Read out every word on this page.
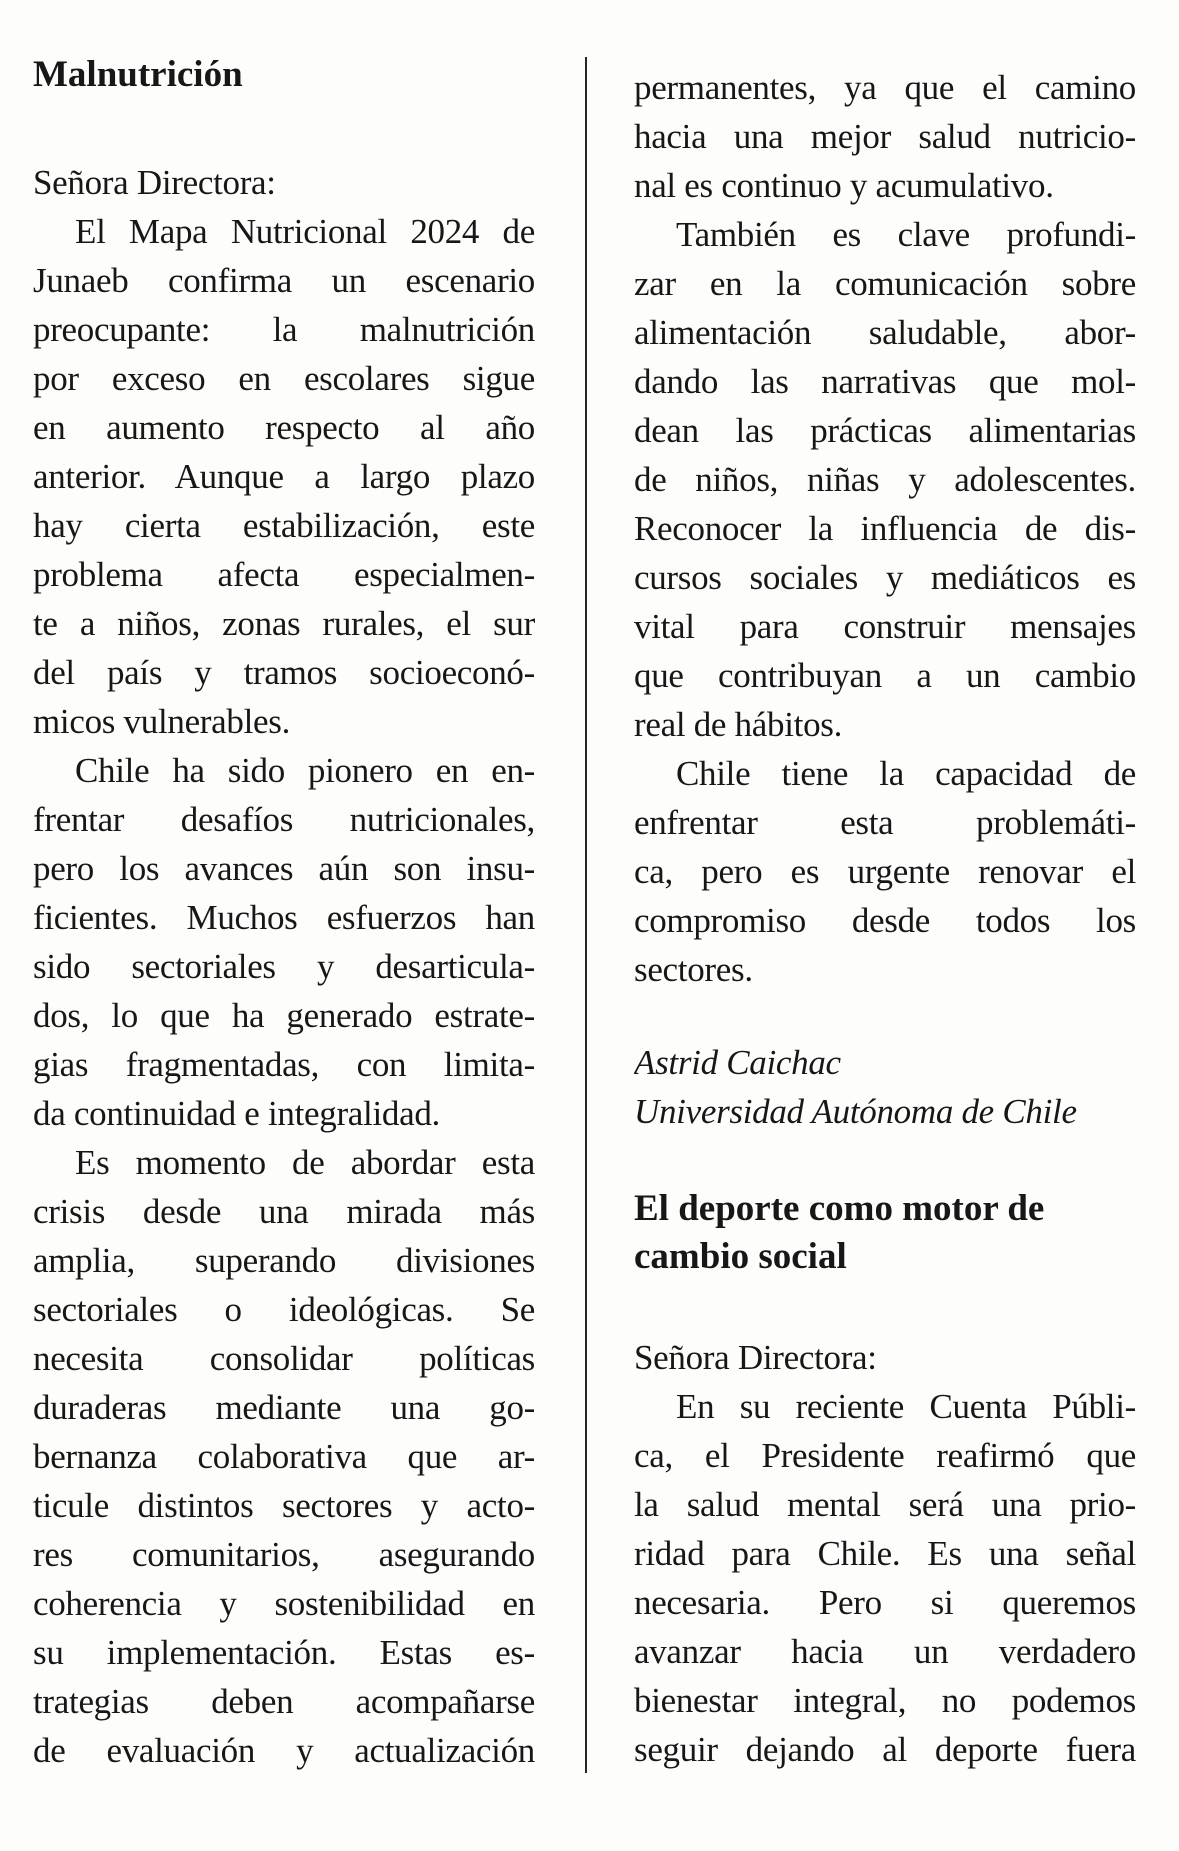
Malnutrición
Señora Directora:
El Mapa Nutricional 2024 de
Junaeb confirma un escenario
preocupante: la malnutrición
por exceso en escolares sigue
en aumento respecto al año
anterior. Aunque a largo plazo
hay cierta estabilización, este
problema afecta especialmen-
te a niños, zonas rurales, el sur
del país y tramos socioeconó-
micos vulnerables.
Chile ha sido pionero en en-
frentar desafíos nutricionales,
pero los avances aún son insu-
ficientes. Muchos esfuerzos han
sido sectoriales y desarticula-
dos, lo que ha generado estrate-
gias fragmentadas, con limita-
da continuidad e integralidad.
Es momento de abordar esta
crisis desde una mirada más
amplia, superando divisiones
sectoriales o ideológicas. Se
necesita consolidar políticas
duraderas mediante una go-
bernanza colaborativa que ar-
ticule distintos sectores y acto-
res comunitarios, asegurando
coherencia y sostenibilidad en
su implementación. Estas es-
trategias deben acompañarse
de evaluación y actualización
permanentes, ya que el camino
hacia una mejor salud nutricio-
nal es continuo y acumulativo.
También es clave profundi-
zar en la comunicación sobre
alimentación saludable, abor-
dando las narrativas que mol-
dean las prácticas alimentarias
de niños, niñas y adolescentes.
Reconocer la influencia de dis-
cursos sociales y mediáticos es
vital para construir mensajes
que contribuyan a un cambio
real de hábitos.
Chile tiene la capacidad de
enfrentar esta problemáti-
ca, pero es urgente renovar el
compromiso desde todos los
sectores.
Astrid Caichac
Universidad Autónoma de Chile
El deporte como motor de
cambio social
Señora Directora:
En su reciente Cuenta Públi-
ca, el Presidente reafirmó que
la salud mental será una prio-
ridad para Chile. Es una señal
necesaria. Pero si queremos
avanzar hacia un verdadero
bienestar integral, no podemos
seguir dejando al deporte fuera
